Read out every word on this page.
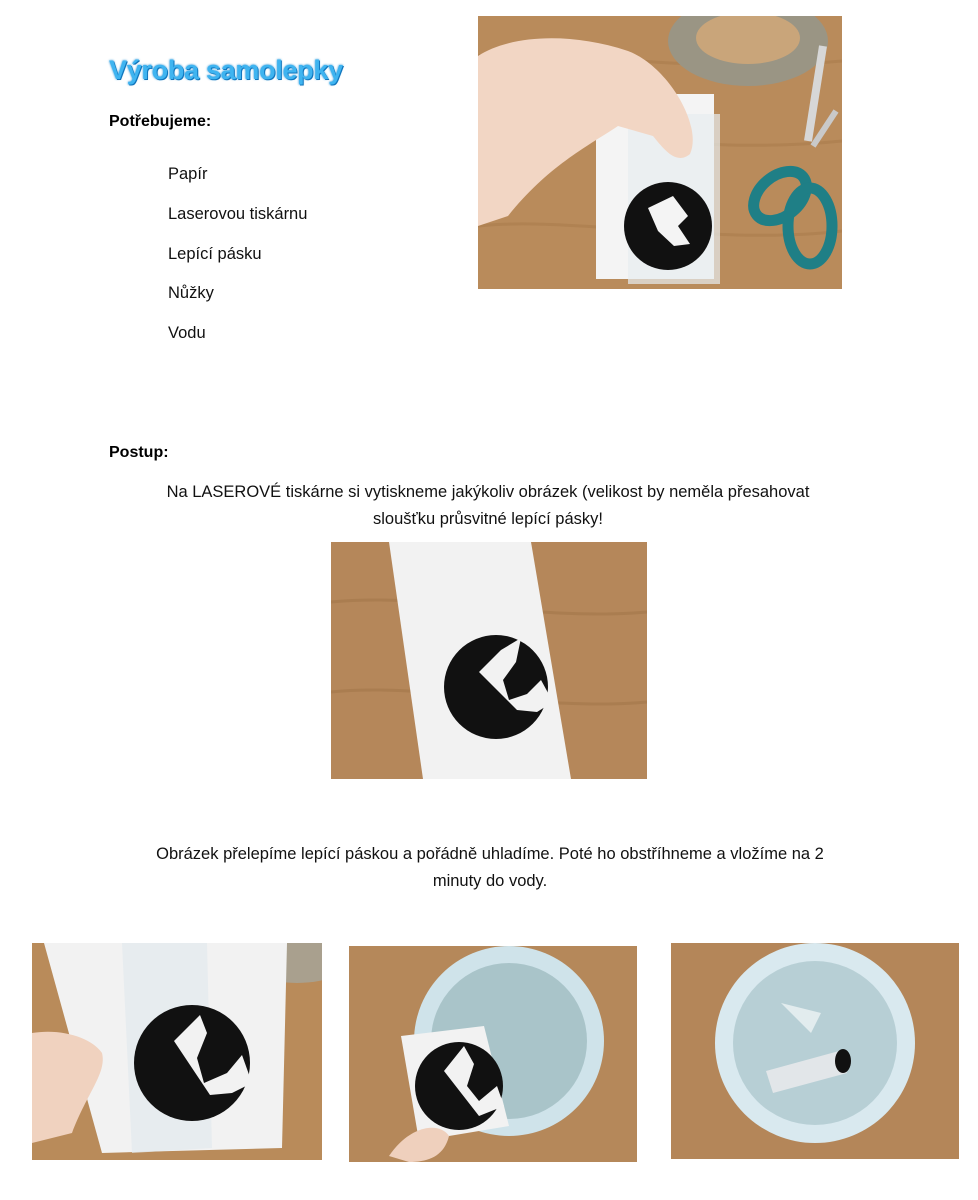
Výroba samolepky
Potřebujeme:
Papír
Laserovou tiskárnu
Lepící pásku
Nůžky
Vodu
Postup:
Na LASEROVÉ tiskárne si vytiskneme jakýkoliv obrázek (velikost by neměla přesahovat
sloušťku průsvitné lepící pásky!
Obrázek přelepíme lepící páskou a pořádně uhladíme. Poté ho obstříhneme a vložíme na 2
minuty do vody.
